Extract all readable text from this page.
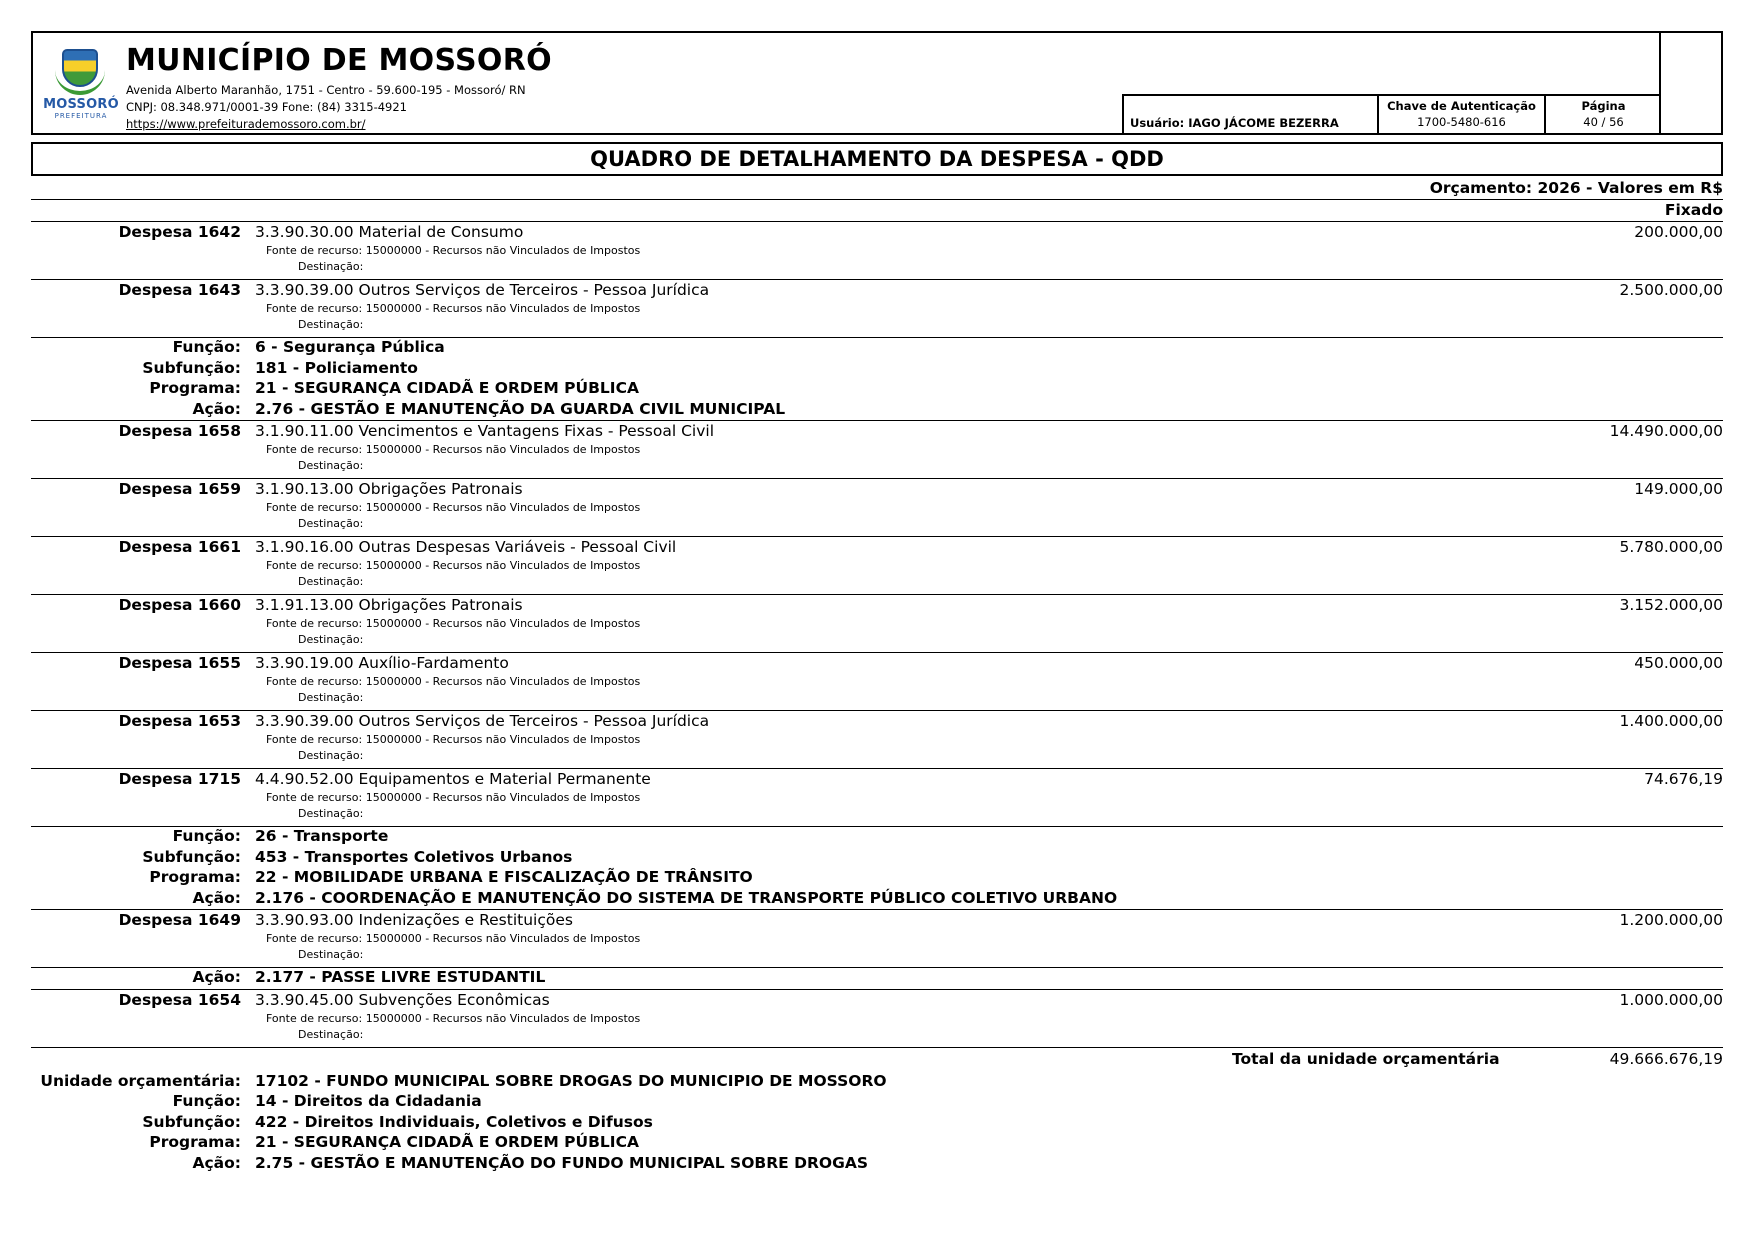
MOSSORÓ
PREFEITURA
MUNICÍPIO DE MOSSORÓ
Avenida Alberto Maranhão, 1751 - Centro - 59.600-195 - Mossoró/ RN
CNPJ: 08.348.971/0001-39 Fone: (84) 3315-4921
https://www.prefeiturademossoro.com.br/	Usuário: IAGO JÁCOME BEZERRA
Chave de Autenticação
1700-5480-616
Página
40 / 56
QUADRO DE DETALHAMENTO DA DESPESA - QDD
Orçamento: 2026 - Valores em R$
Fixado
Despesa 1642 3.3.90.30.00 Material de Consumo
Fonte de recurso: 15000000 - Recursos não Vinculados de Impostos
Destinação:
200.000,00
Despesa 1643 3.3.90.39.00 Outros Serviços de Terceiros - Pessoa Jurídica
Fonte de recurso: 15000000 - Recursos não Vinculados de Impostos
Destinação:
2.500.000,00
Função: 6 - Segurança Pública
Subfunção: 181 - Policiamento
Programa: 21 - SEGURANÇA CIDADÃ E ORDEM PÚBLICA
Ação: 2.76 - GESTÃO E MANUTENÇÃO DA GUARDA CIVIL MUNICIPAL
Despesa 1658 3.1.90.11.00 Vencimentos e Vantagens Fixas - Pessoal Civil
Fonte de recurso: 15000000 - Recursos não Vinculados de Impostos
Destinação:
14.490.000,00
Despesa 1659 3.1.90.13.00 Obrigações Patronais
Fonte de recurso: 15000000 - Recursos não Vinculados de Impostos
Destinação:
149.000,00
Despesa 1661 3.1.90.16.00 Outras Despesas Variáveis - Pessoal Civil
Fonte de recurso: 15000000 - Recursos não Vinculados de Impostos
Destinação:
5.780.000,00
Despesa 1660 3.1.91.13.00 Obrigações Patronais
Fonte de recurso: 15000000 - Recursos não Vinculados de Impostos
Destinação:
3.152.000,00
Despesa 1655 3.3.90.19.00 Auxílio-Fardamento
Fonte de recurso: 15000000 - Recursos não Vinculados de Impostos
Destinação:
450.000,00
Despesa 1653 3.3.90.39.00 Outros Serviços de Terceiros - Pessoa Jurídica
Fonte de recurso: 15000000 - Recursos não Vinculados de Impostos
Destinação:
1.400.000,00
Despesa 1715 4.4.90.52.00 Equipamentos e Material Permanente
Fonte de recurso: 15000000 - Recursos não Vinculados de Impostos
Destinação:
74.676,19
Função: 26 - Transporte
Subfunção: 453 - Transportes Coletivos Urbanos
Programa: 22 - MOBILIDADE URBANA E FISCALIZAÇÃO DE TRÂNSITO
Ação: 2.176 - COORDENAÇÃO E MANUTENÇÃO DO SISTEMA DE TRANSPORTE PÚBLICO COLETIVO URBANO
Despesa 1649 3.3.90.93.00 Indenizações e Restituições
Fonte de recurso: 15000000 - Recursos não Vinculados de Impostos
Destinação:
1.200.000,00
Ação: 2.177 - PASSE LIVRE ESTUDANTIL
Despesa 1654 3.3.90.45.00 Subvenções Econômicas
Fonte de recurso: 15000000 - Recursos não Vinculados de Impostos
Destinação:
1.000.000,00
Total da unidade orçamentária	49.666.676,19
Unidade orçamentária: 17102 - FUNDO MUNICIPAL SOBRE DROGAS DO MUNICIPIO DE MOSSORO
Função: 14 - Direitos da Cidadania
Subfunção: 422 - Direitos Individuais, Coletivos e Difusos
Programa: 21 - SEGURANÇA CIDADÃ E ORDEM PÚBLICA
Ação: 2.75 - GESTÃO E MANUTENÇÃO DO FUNDO MUNICIPAL SOBRE DROGAS
